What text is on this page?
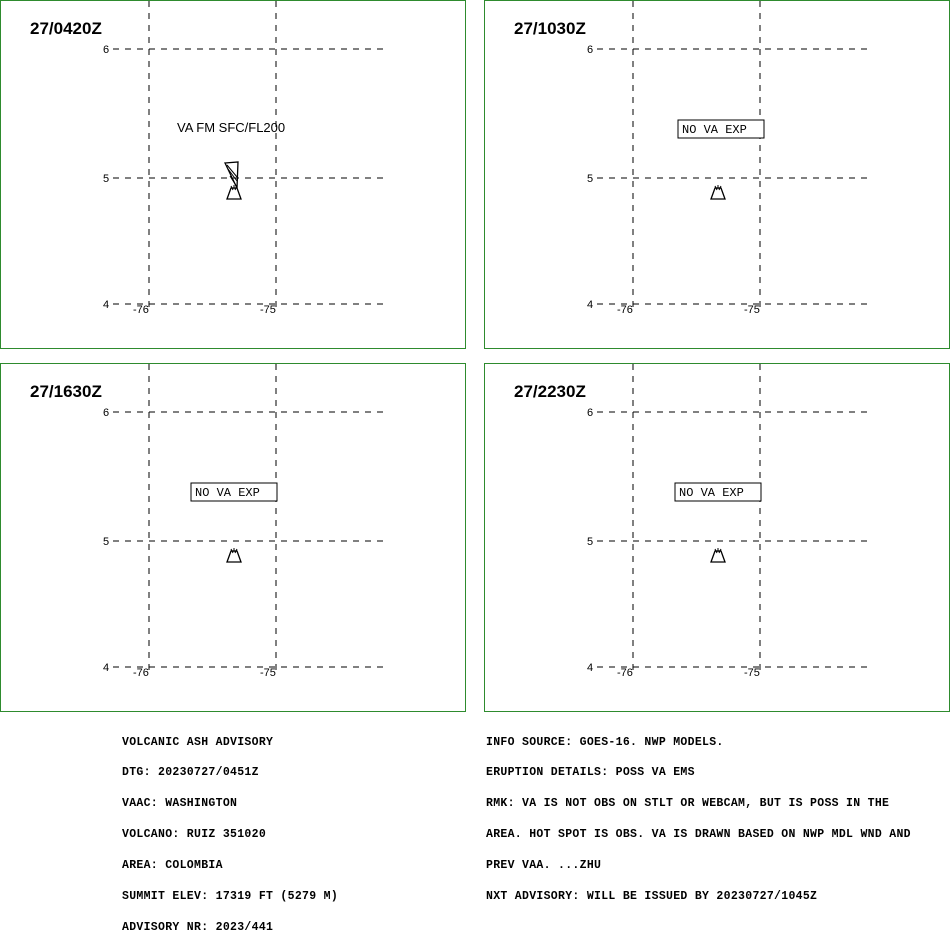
6
5
4 -76	-75
VA FM SFC/FL200
27/0420Z
6
5
4 -76	-75
NO VA EXP
27/1030Z
6
5
4 -76	-75
NO VA EXP
27/1630Z
6
5
4 -76	-75
NO VA EXP
27/2230Z

VOLCANIC ASH ADVISORY

DTG: 20230727/0451Z

VAAC: WASHINGTON

VOLCANO: RUIZ 351020

AREA: COLOMBIA

SUMMIT ELEV: 17319 FT (5279 M)

ADVISORY NR: 2023/441

INFO SOURCE: GOES-16. NWP MODELS.

ERUPTION DETAILS: POSS VA EMS

RMK: VA IS NOT OBS ON STLT OR WEBCAM, BUT IS POSS IN THE

AREA. HOT SPOT IS OBS. VA IS DRAWN BASED ON NWP MDL WND AND

PREV VAA. ...ZHU

NXT ADVISORY: WILL BE ISSUED BY 20230727/1045Z
